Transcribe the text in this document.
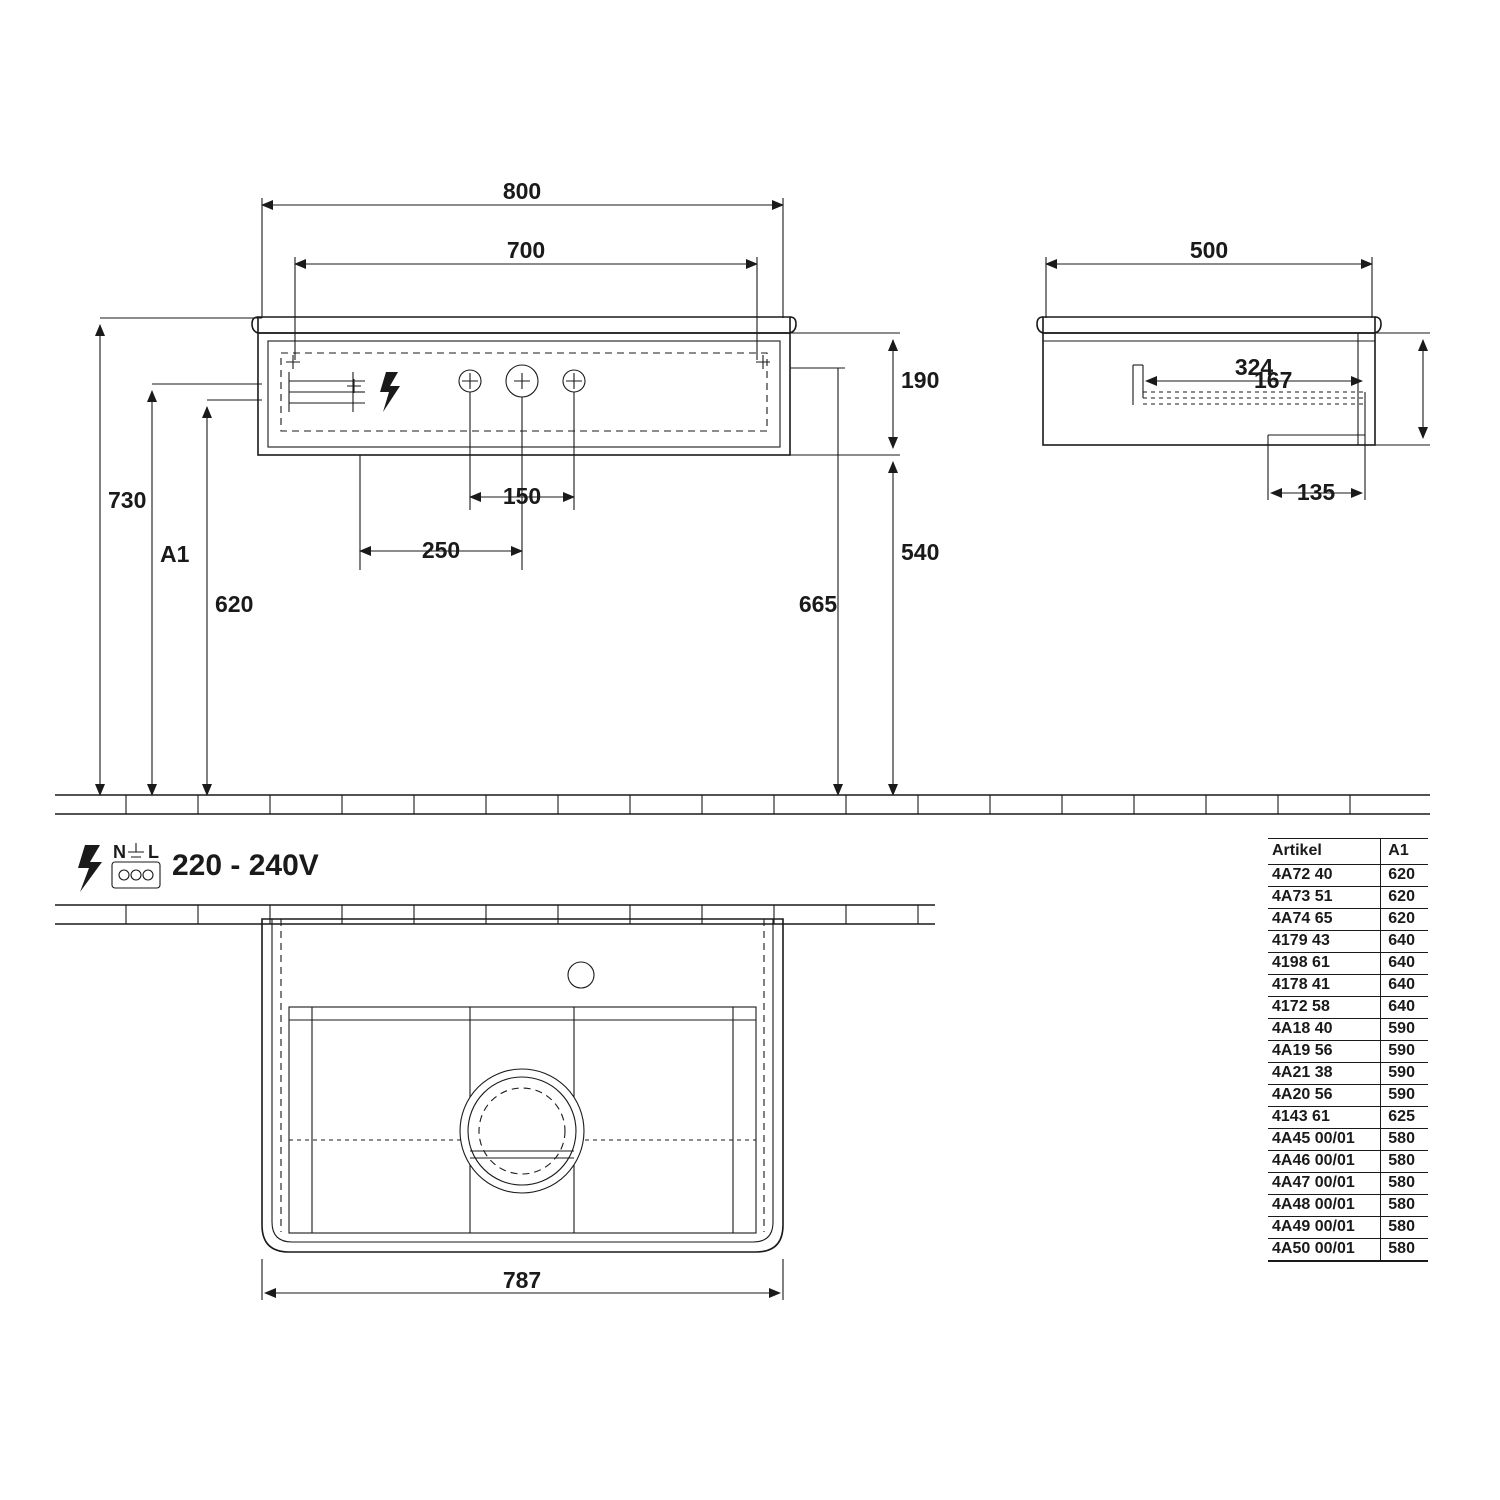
800
700
190
540
665
730
A1
620
150
250
500
167
324
135
787
N L 220 - 240V	Artikel	A1
4A72 40	620
4A73 51	620
4A74 65	620
4179 43	640
4198 61	640
4178 41	640
4172 58	640
4A18 40	590
4A19 56	590
4A21 38	590
4A20 56	590
4143 61	625
4A45 00/01	580
4A46 00/01	580
4A47 00/01	580
4A48 00/01	580
4A49 00/01	580
4A50 00/01	580
